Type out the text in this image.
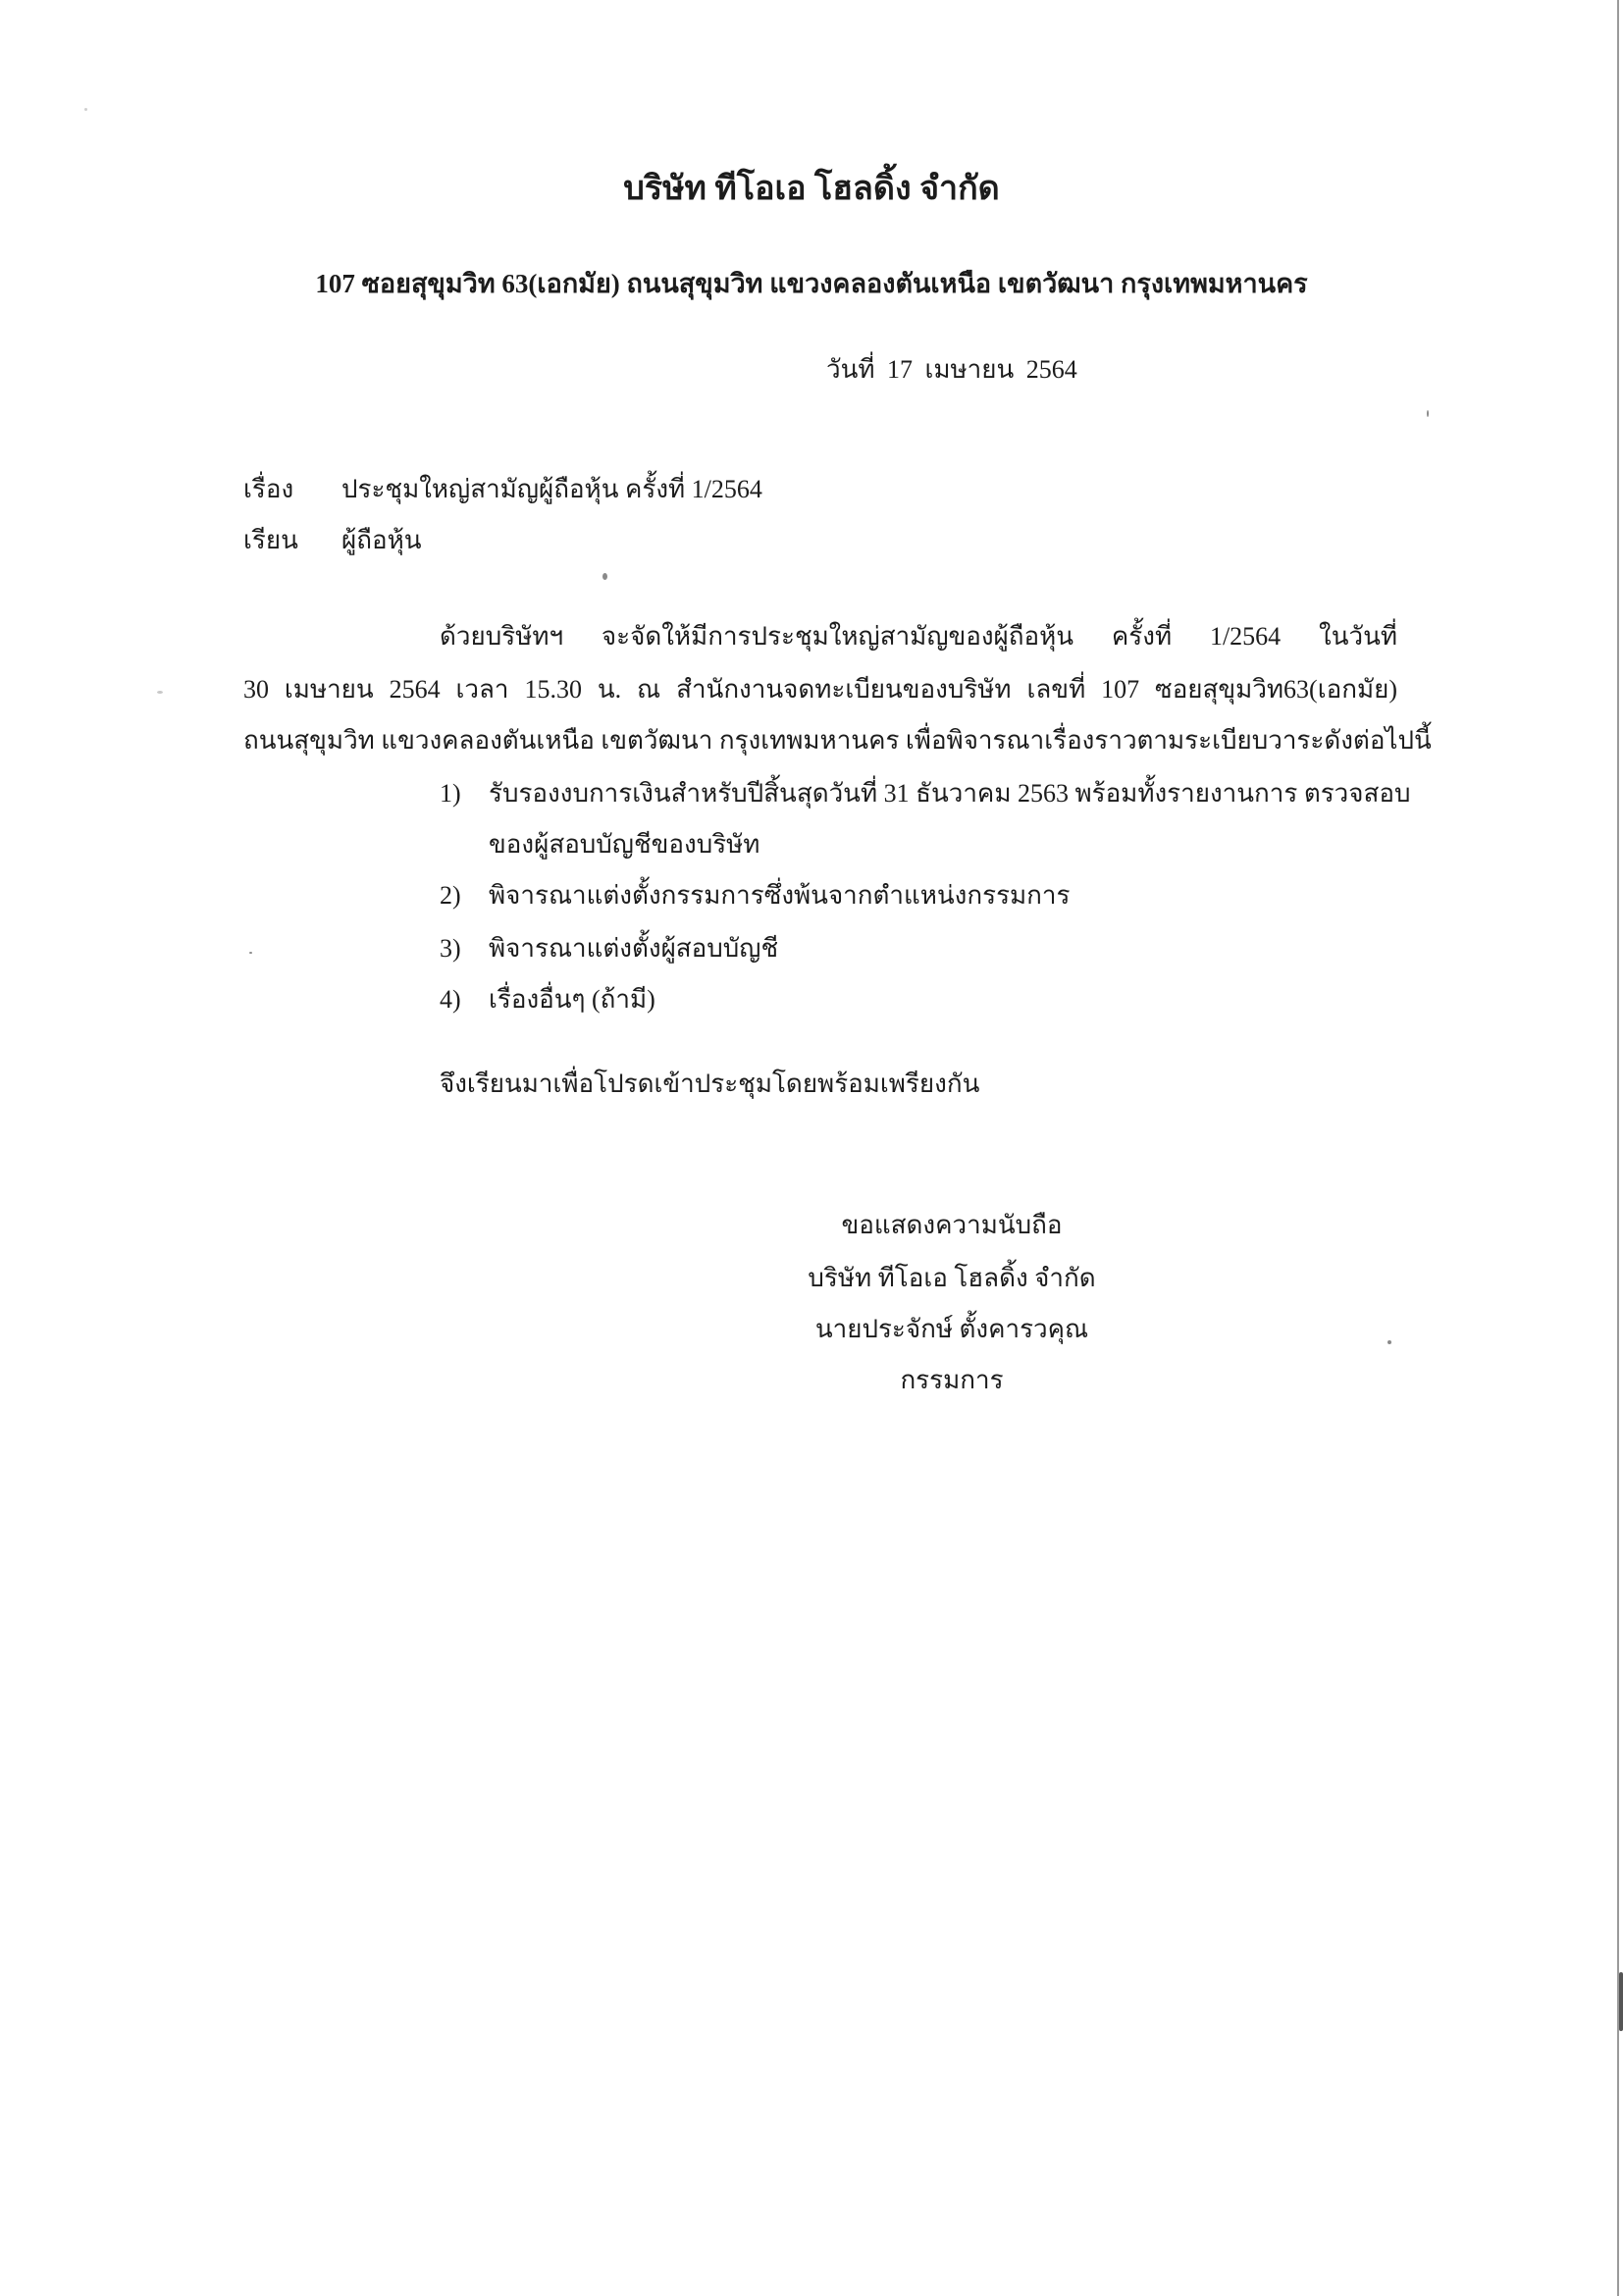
บริษัท ทีโอเอ โฮลดิ้ง จำกัด
107 ซอยสุขุมวิท 63(เอกมัย) ถนนสุขุมวิท แขวงคลองตันเหนือ เขตวัฒนา กรุงเทพมหานคร
วันที่ 17 เมษายน 2564
เรื่อง ประชุมใหญ่สามัญผู้ถือหุ้น ครั้งที่ 1/2564
เรียน ผู้ถือหุ้น
ด้วยบริษัทฯ จะจัดให้มีการประชุมใหญ่สามัญของผู้ถือหุ้น ครั้งที่ 1/2564 ในวันที่
30 เมษายน 2564 เวลา 15.30 น. ณ สำนักงานจดทะเบียนของบริษัท เลขที่ 107 ซอยสุขุมวิท63(เอกมัย)
ถนนสุขุมวิท แขวงคลองตันเหนือ เขตวัฒนา กรุงเทพมหานคร เพื่อพิจารณาเรื่องราวตามระเบียบวาระดังต่อไปนี้
1) รับรองงบการเงินสำหรับปีสิ้นสุดวันที่ 31 ธันวาคม 2563 พร้อมทั้งรายงานการ ตรวจสอบ
ของผู้สอบบัญชีของบริษัท
2) พิจารณาแต่งตั้งกรรมการซึ่งพ้นจากตำแหน่งกรรมการ
3) พิจารณาแต่งตั้งผู้สอบบัญชี
4) เรื่องอื่นๆ (ถ้ามี)
จึงเรียนมาเพื่อโปรดเข้าประชุมโดยพร้อมเพรียงกัน
ขอแสดงความนับถือ
บริษัท ทีโอเอ โฮลดิ้ง จำกัด
นายประจักษ์ ตั้งคารวคุณ
กรรมการ
